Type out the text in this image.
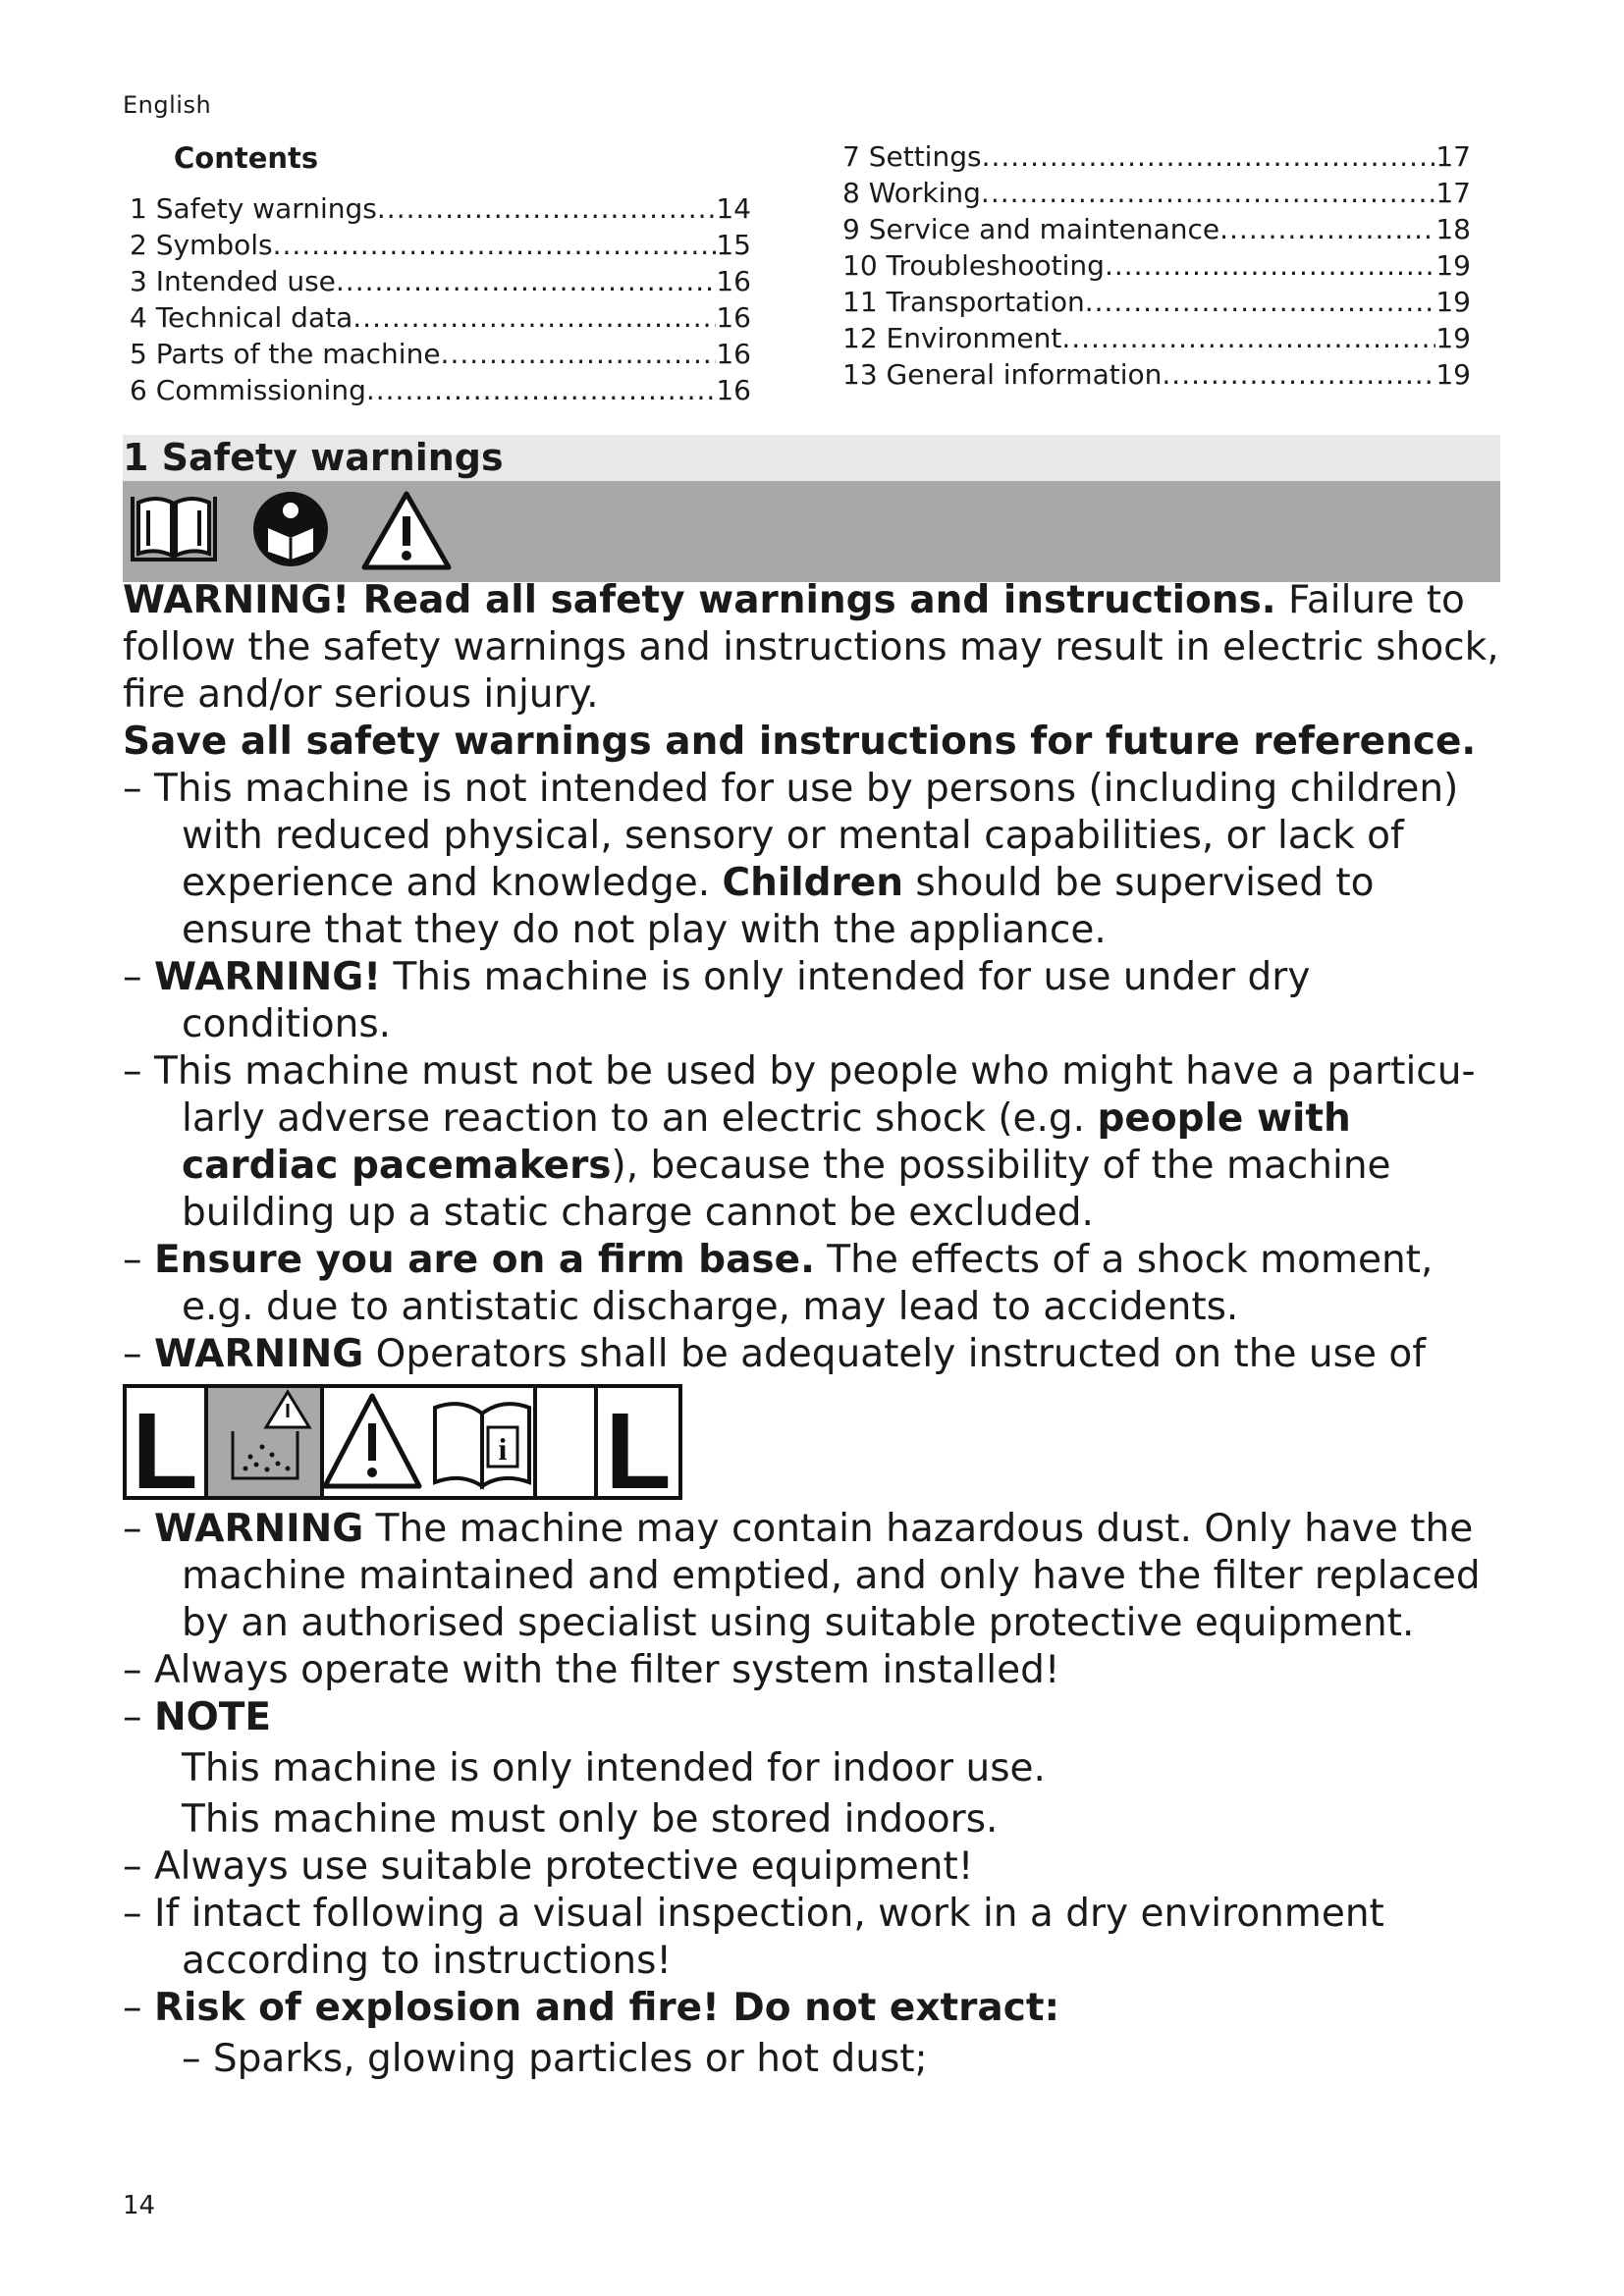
English
Contents
1 Safety warnings .....	14
2 Symbols .....	15
3 Intended use .....	16
4 Technical data .....	16
5 Parts of the machine .....	16
6 Commissioning .....	16
7 Settings .....	17
8 Working .....	17
9 Service and maintenance .....	18
10 Troubleshooting .....	19
11 Transportation .....	19
12 Environment .....	19
13 General information .....	19
1 Safety warnings

WARNING! Read all safety warnings and instructions. Failure to follow the safety warnings and instructions may result in electric shock, fire and/or serious injury.

Save all safety warnings and instructions for future reference.

– This machine is not intended for use by persons (including children) with reduced physical, sensory or mental capabilities, or lack of experience and knowledge. Children should be supervised to ensure that they do not play with the appliance.

– WARNING! This machine is only intended for use under dry conditions.

– This machine must not be used by people who might have a particularly adverse reaction to an electric shock (e.g. people with cardiac pacemakers), because the possibility of the machine building up a static charge cannot be excluded.

– Ensure you are on a firm base. The effects of a shock moment, e.g. due to antistatic discharge, may lead to accidents.

– WARNING Operators shall be adequately instructed on the use of

L	i L

– WARNING The machine may contain hazardous dust. Only have the machine maintained and emptied, and only have the filter replaced by an authorised specialist using suitable protective equipment.

– Always operate with the filter system installed!

– NOTE

This machine is only intended for indoor use.

This machine must only be stored indoors.

– Always use suitable protective equipment!

– If intact following a visual inspection, work in a dry environment according to instructions!

– Risk of explosion and fire! Do not extract:

– Sparks, glowing particles or hot dust;

14
